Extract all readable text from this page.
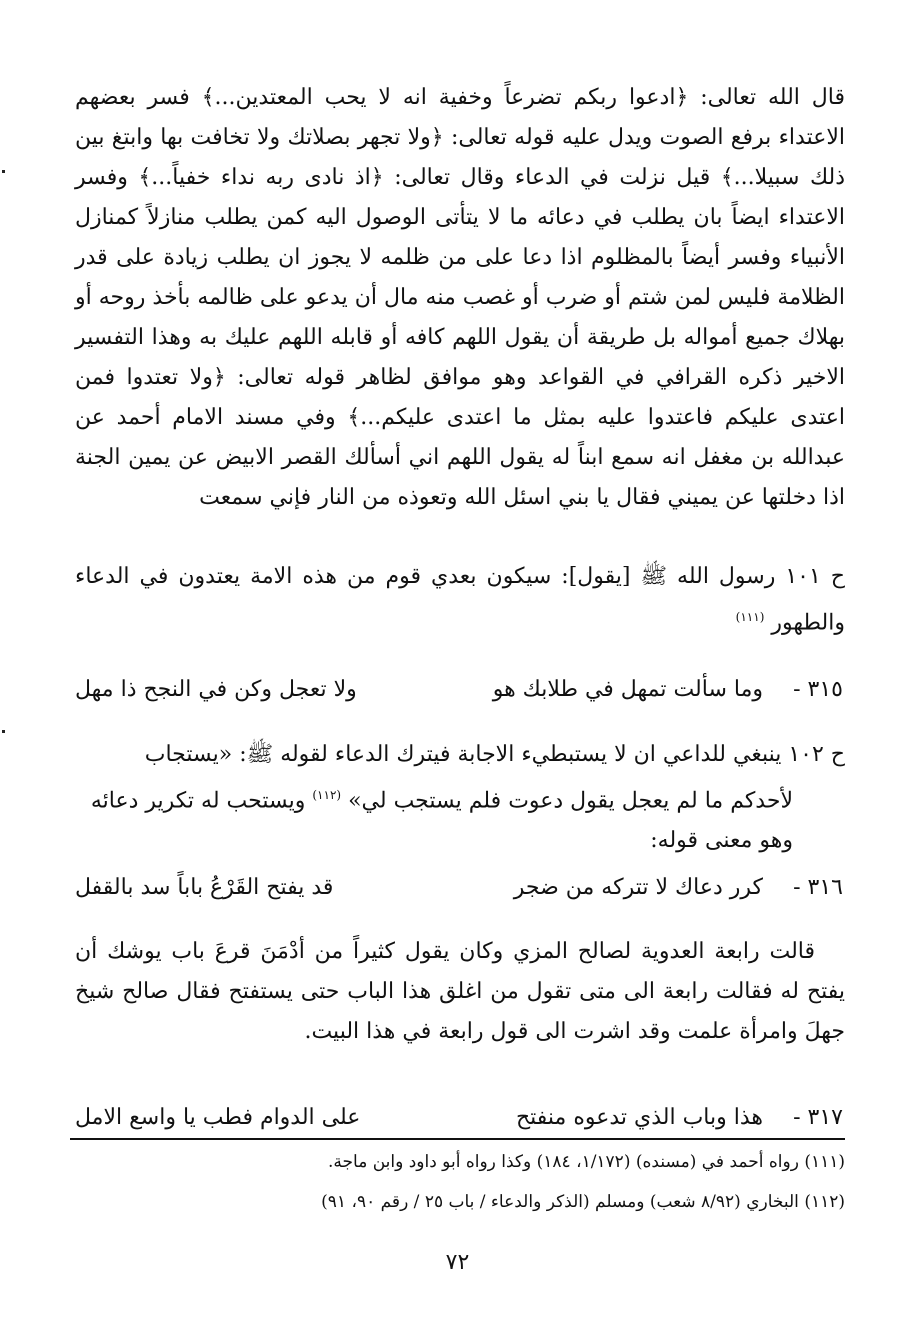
قال الله تعالى: ﴿ادعوا ربكم تضرعاً وخفية انه لا يحب المعتدين...﴾ فسر بعضهم الاعتداء برفع الصوت ويدل عليه قوله تعالى: ﴿ولا تجهر بصلاتك ولا تخافت بها وابتغ بين ذلك سبيلا...﴾ قيل نزلت في الدعاء وقال تعالى: ﴿اذ نادى ربه نداء خفياً...﴾ وفسر الاعتداء ايضاً بان يطلب في دعائه ما لا يتأتى الوصول اليه كمن يطلب منازلاً كمنازل الأنبياء وفسر أيضاً بالمظلوم اذا دعا على من ظلمه لا يجوز ان يطلب زيادة على قدر الظلامة فليس لمن شتم أو ضرب أو غصب منه مال أن يدعو على ظالمه بأخذ روحه أو بهلاك جميع أمواله بل طريقة أن يقول اللهم كافه أو قابله اللهم عليك به وهذا التفسير الاخير ذكره القرافي في القواعد وهو موافق لظاهر قوله تعالى: ﴿ولا تعتدوا فمن اعتدى عليكم فاعتدوا عليه بمثل ما اعتدى عليكم...﴾ وفي مسند الامام أحمد عن عبدالله بن مغفل انه سمع ابناً له يقول اللهم اني أسألك القصر الابيض عن يمين الجنة اذا دخلتها عن يميني فقال يا بني اسئل الله وتعوذه من النار فإني سمعت
ح ١٠١ رسول الله ﷺ [يقول]: سيكون بعدي قوم من هذه الامة يعتدون في الدعاء والطهور $^{(١١١)}$
٣١٥ -
وما سألت تمهل في طلابك هو
ولا تعجل وكن في النجح ذا مهل
ح ١٠٢ ينبغي للداعي ان لا يستبطيء الاجابة فيترك الدعاء لقوله ﷺ: «يستجاب
لأحدكم ما لم يعجل يقول دعوت فلم يستجب لي» $^{(١١٢)}$ ويستحب له تكرير دعائه وهو معنى قوله:
٣١٦ -
كرر دعاك لا تتركه من ضجر
قد يفتح القَرْعُ باباً سد بالقفل
قالت رابعة العدوية لصالح المزي وكان يقول كثيراً من أدْمَنَ قرعَ باب يوشك أن يفتح له فقالت رابعة الى متى تقول من اغلق هذا الباب حتى يستفتح فقال صالح شيخ جهلَ وامرأة علمت وقد اشرت الى قول رابعة في هذا البيت.
٣١٧ -
هذا وباب الذي تدعوه منفتح
على الدوام فطب يا واسع الامل
(١١١) رواه أحمد في (مسنده) (١/١٧٢، ١٨٤) وكذا رواه أبو داود وابن ماجة.
(١١٢) البخاري (٨/٩٢ شعب) ومسلم (الذكر والدعاء / باب ٢٥ / رقم ٩٠، ٩١)
٧٢
